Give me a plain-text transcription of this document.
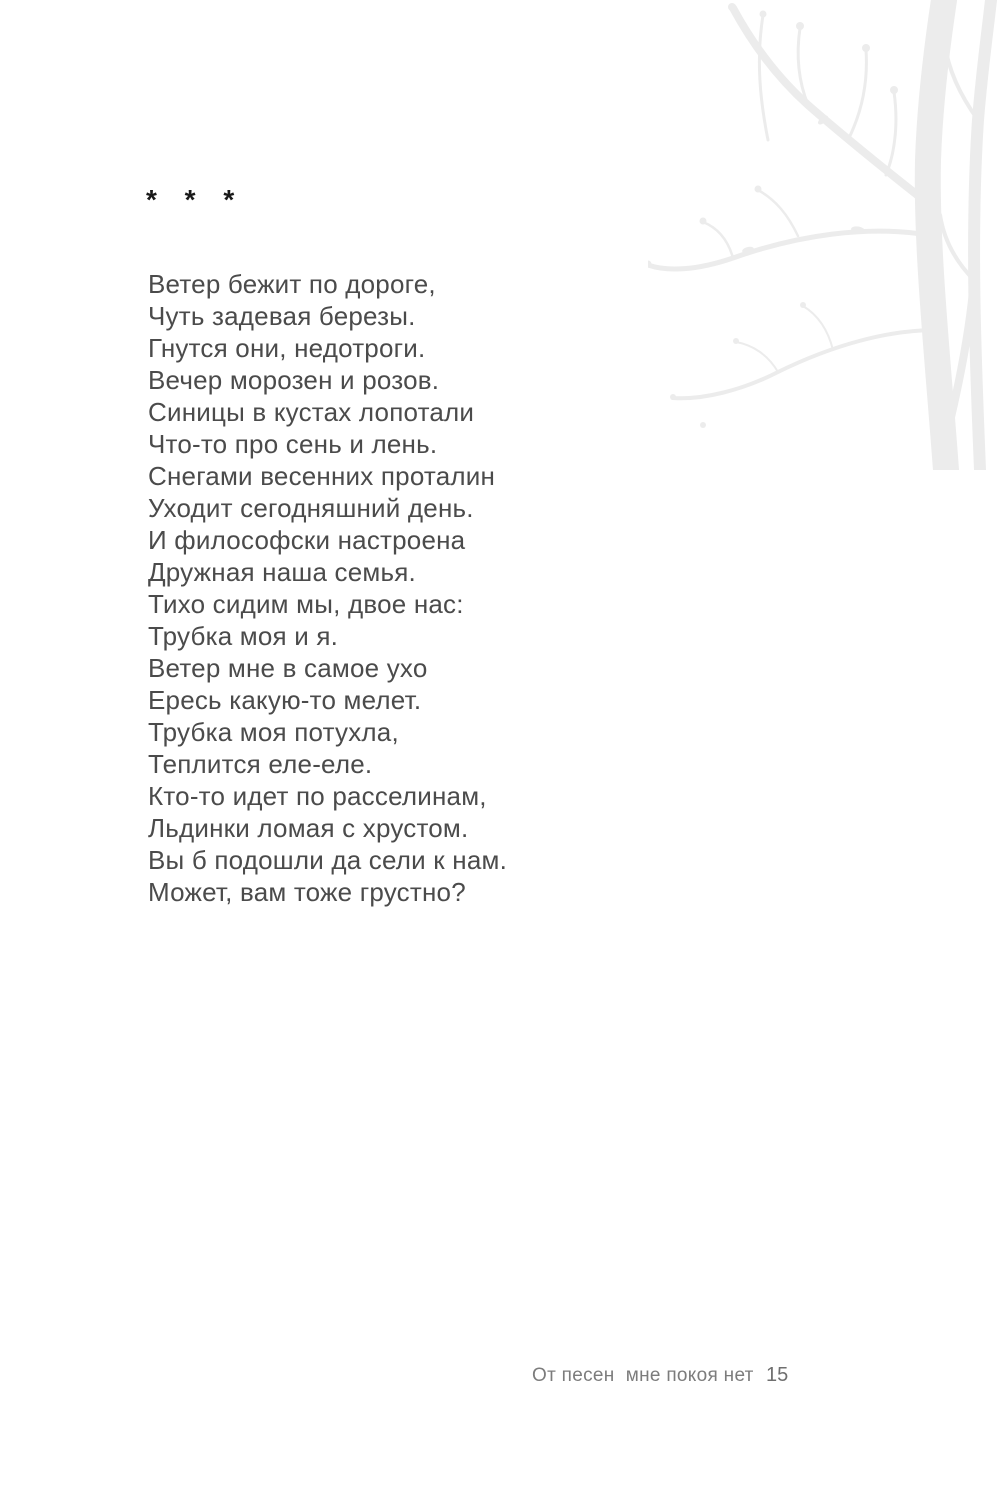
* * *
Ветер бежит по дороге,
Чуть задевая березы.
Гнутся они, недотроги.
Вечер морозен и розов.
Синицы в кустах лопотали
Что-то про сень и лень.
Снегами весенних проталин
Уходит сегодняшний день.
И философски настроена
Дружная наша семья.
Тихо сидим мы, двое нас:
Трубка моя и я.
Ветер мне в самое ухо
Ересь какую-то мелет.
Трубка моя потухла,
Теплится еле-еле.
Кто-то идет по расселинам,
Льдинки ломая с хрустом.
Вы б подошли да сели к нам.
Может, вам тоже грустно?
От песен  мне покоя нет 15
